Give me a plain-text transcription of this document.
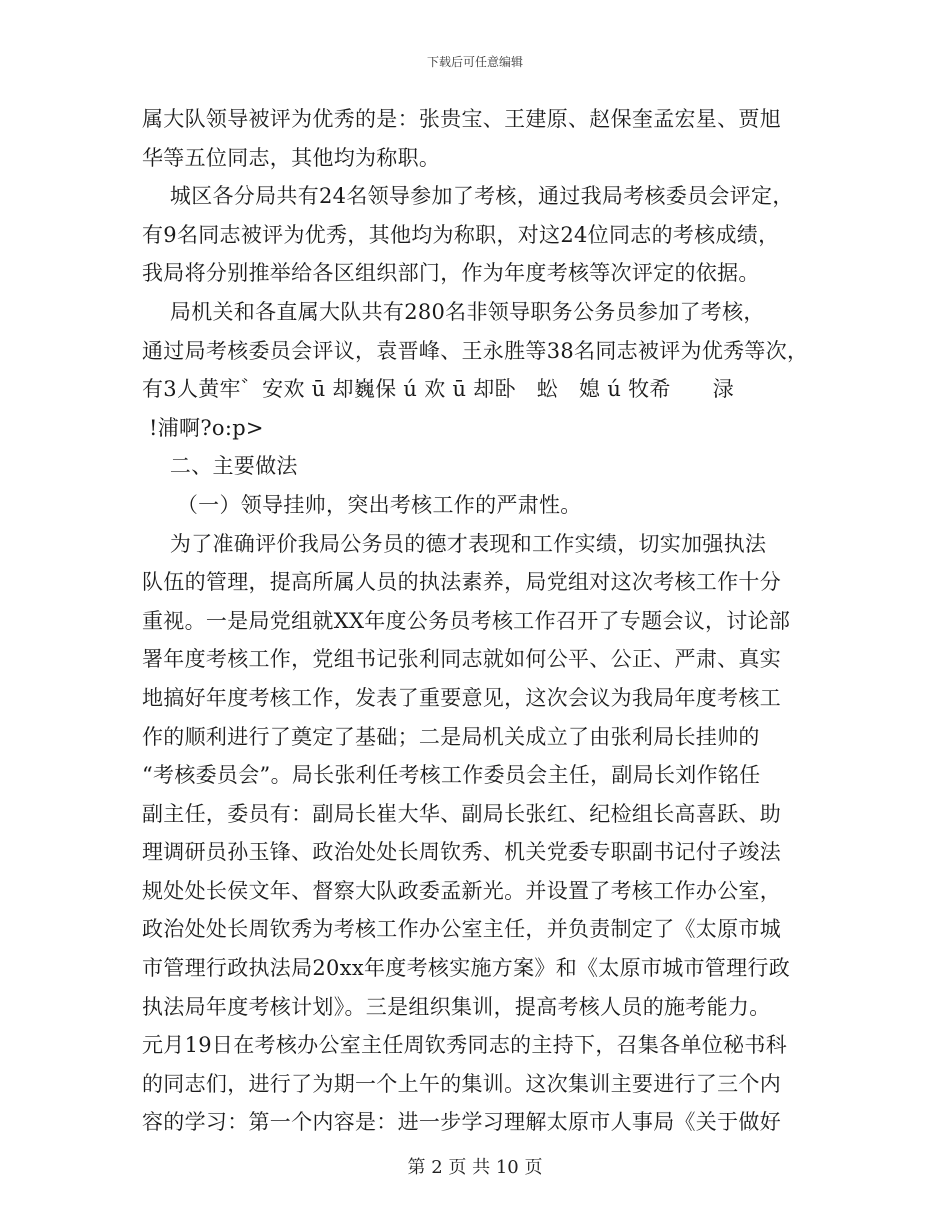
下载后可任意编辑
属大队领导被评为优秀的是：张贵宝、王建原、赵保奎孟宏星、贾旭
华等五位同志，其他均为称职。
城区各分局共有24名领导参加了考核，通过我局考核委员会评定，
有9名同志被评为优秀，其他均为称职，对这24位同志的考核成绩，
我局将分别推举给各区组织部门，作为年度考核等次评定的依据。
局机关和各直属大队共有280名非领导职务公务员参加了考核，
通过局考核委员会评议，袁晋峰、王永胜等38名同志被评为优秀等次，
有3人黄牢゛安欢 ū 却巍保 ú 欢 ū 却卧   蚣   媳 ú 牧希      渌
!浦啊?o:p>
二、主要做法
（一）领导挂帅，突出考核工作的严肃性。
为了准确评价我局公务员的德才表现和工作实绩，切实加强执法
队伍的管理，提高所属人员的执法素养，局党组对这次考核工作十分
重视。一是局党组就XX年度公务员考核工作召开了专题会议，讨论部
署年度考核工作，党组书记张利同志就如何公平、公正、严肃、真实
地搞好年度考核工作，发表了重要意见，这次会议为我局年度考核工
作的顺利进行了奠定了基础；二是局机关成立了由张利局长挂帅的
“考核委员会”。局长张利任考核工作委员会主任，副局长刘作铭任
副主任，委员有：副局长崔大华、副局长张红、纪检组长高喜跃、助
理调研员孙玉锋、政治处处长周钦秀、机关党委专职副书记付子竣法
规处处长侯文年、督察大队政委孟新光。并设置了考核工作办公室，
政治处处长周钦秀为考核工作办公室主任，并负责制定了《太原市城
市管理行政执法局20xx年度考核实施方案》和《太原市城市管理行政
执法局年度考核计划》。三是组织集训，提高考核人员的施考能力。
元月19日在考核办公室主任周钦秀同志的主持下，召集各单位秘书科
的同志们，进行了为期一个上午的集训。这次集训主要进行了三个内
容的学习：第一个内容是：进一步学习理解太原市人事局《关于做好
第 2 页 共 10 页
